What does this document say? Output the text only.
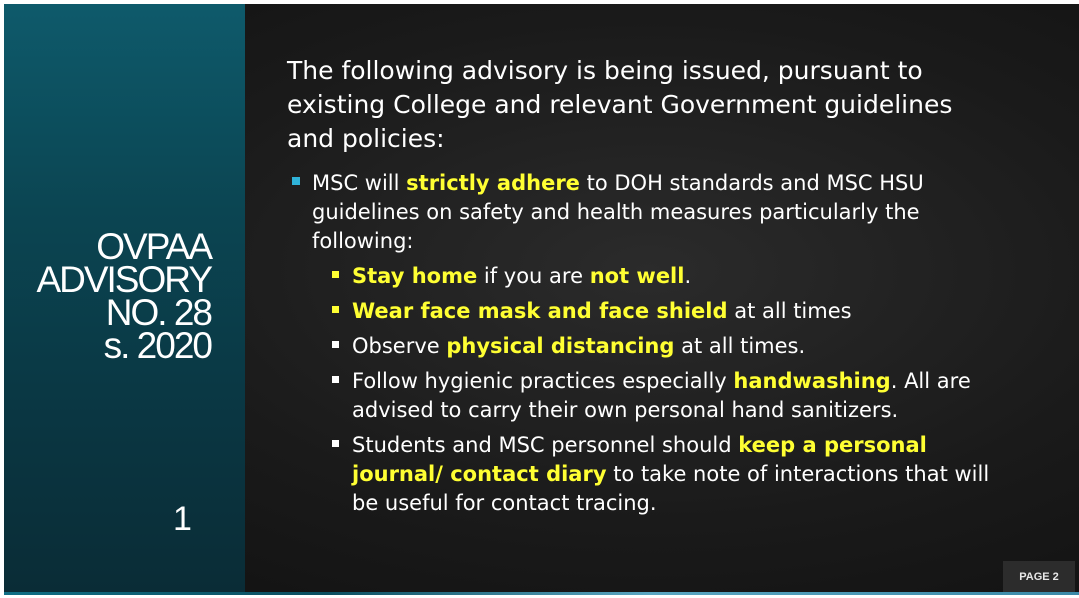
OVPAA
ADVISORY
NO. 28
s. 2020
1
The following advisory is being issued, pursuant to existing College and relevant Government guidelines and policies:
MSC will strictly adhere to DOH standards and MSC HSU guidelines on safety and health measures particularly the following:
Stay home if you are not well.
Wear face mask and face shield at all times
Observe physical distancing at all times.
Follow hygienic practices especially handwashing. All are advised to carry their own personal hand sanitizers.
Students and MSC personnel should keep a personal journal/ contact diary to take note of interactions that will be useful for contact tracing.
PAGE 2
